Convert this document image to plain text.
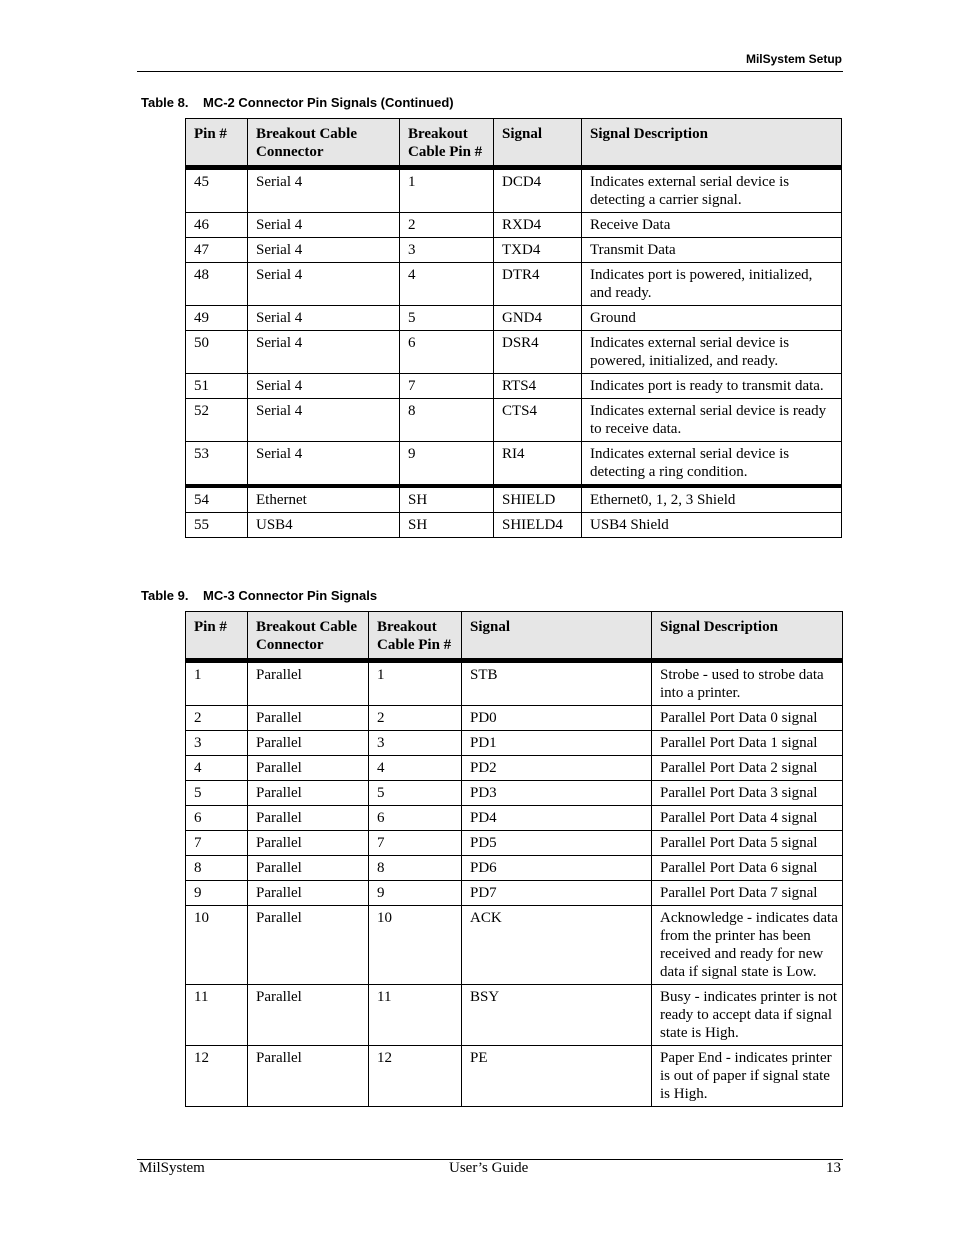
MilSystem Setup
Table 8. MC-2 Connector Pin Signals (Continued)
Pin #	Breakout Cable Connector	Breakout Cable Pin #	Signal	Signal Description
45	Serial 4	1	DCD4	Indicates external serial device is detecting a carrier signal.
46	Serial 4	2	RXD4	Receive Data
47	Serial 4	3	TXD4	Transmit Data
48	Serial 4	4	DTR4	Indicates port is powered, initialized, and ready.
49	Serial 4	5	GND4	Ground
50	Serial 4	6	DSR4	Indicates external serial device is powered, initialized, and ready.
51	Serial 4	7	RTS4	Indicates port is ready to transmit data.
52	Serial 4	8	CTS4	Indicates external serial device is ready to receive data.
53	Serial 4	9	RI4	Indicates external serial device is detecting a ring condition.
54	Ethernet	SH	SHIELD	Ethernet0, 1, 2, 3 Shield
55	USB4	SH	SHIELD4	USB4 Shield
Table 9. MC-3 Connector Pin Signals
Pin #	Breakout Cable Connector	Breakout Cable Pin #	Signal	Signal Description
1	Parallel	1	STB	Strobe - used to strobe data into a printer.
2	Parallel	2	PD0	Parallel Port Data 0 signal
3	Parallel	3	PD1	Parallel Port Data 1 signal
4	Parallel	4	PD2	Parallel Port Data 2 signal
5	Parallel	5	PD3	Parallel Port Data 3 signal
6	Parallel	6	PD4	Parallel Port Data 4 signal
7	Parallel	7	PD5	Parallel Port Data 5 signal
8	Parallel	8	PD6	Parallel Port Data 6 signal
9	Parallel	9	PD7	Parallel Port Data 7 signal
10	Parallel	10	ACK	Acknowledge - indicates data from the printer has been received and ready for new data if signal state is Low.
11	Parallel	11	BSY	Busy - indicates printer is not ready to accept data if signal state is High.
12	Parallel	12	PE	Paper End - indicates printer is out of paper if signal state is High.
MilSystem	User’s Guide	13
